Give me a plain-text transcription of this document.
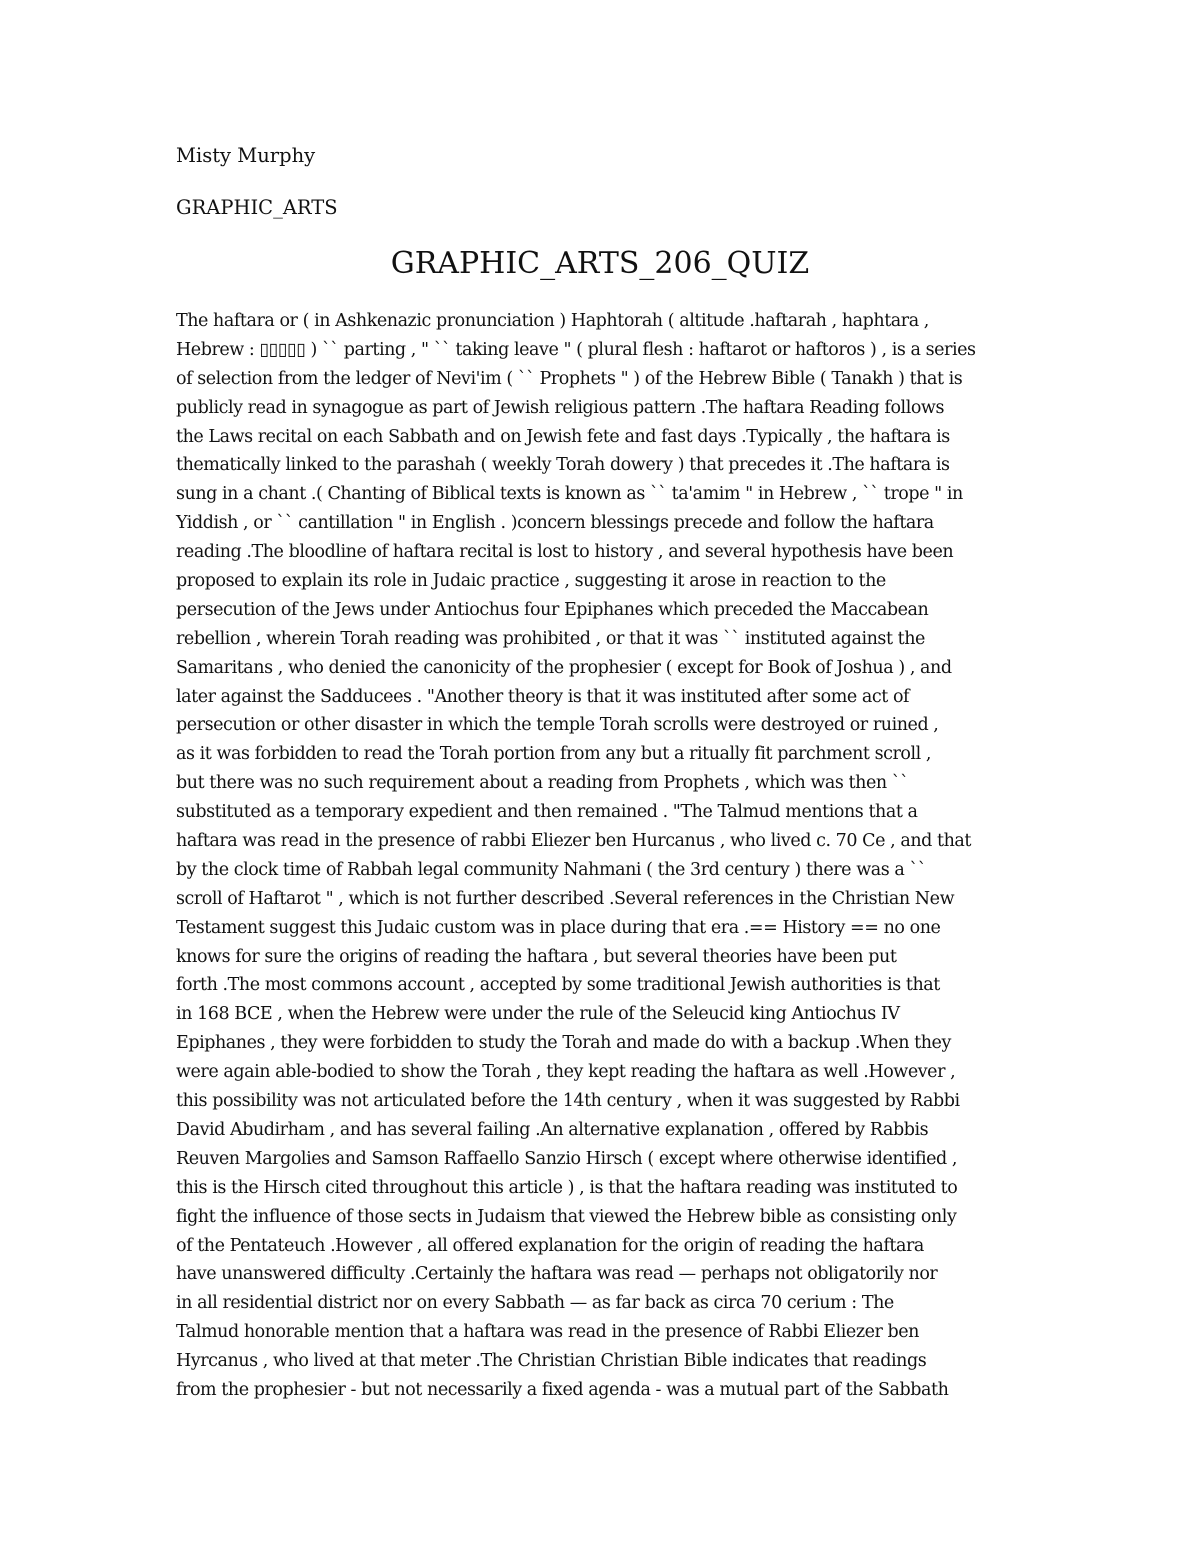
Misty Murphy
GRAPHIC_ARTS
GRAPHIC_ARTS_206_QUIZ
The haftara or ( in Ashkenazic pronunciation ) Haphtorah ( altitude .haftarah , haphtara ,
Hebrew : ▯▯▯▯▯ ) `` parting , " `` taking leave " ( plural flesh : haftarot or haftoros ) , is a series
of selection from the ledger of Nevi'im ( `` Prophets " ) of the Hebrew Bible ( Tanakh ) that is
publicly read in synagogue as part of Jewish religious pattern .The haftara Reading follows
the Laws recital on each Sabbath and on Jewish fete and fast days .Typically , the haftara is
thematically linked to the parashah ( weekly Torah dowery ) that precedes it .The haftara is
sung in a chant .( Chanting of Biblical texts is known as `` ta'amim " in Hebrew , `` trope " in
Yiddish , or `` cantillation " in English . )concern blessings precede and follow the haftara
reading .The bloodline of haftara recital is lost to history , and several hypothesis have been
proposed to explain its role in Judaic practice , suggesting it arose in reaction to the
persecution of the Jews under Antiochus four Epiphanes which preceded the Maccabean
rebellion , wherein Torah reading was prohibited , or that it was `` instituted against the
Samaritans , who denied the canonicity of the prophesier ( except for Book of Joshua ) , and
later against the Sadducees . "Another theory is that it was instituted after some act of
persecution or other disaster in which the temple Torah scrolls were destroyed or ruined ,
as it was forbidden to read the Torah portion from any but a ritually fit parchment scroll ,
but there was no such requirement about a reading from Prophets , which was then ``
substituted as a temporary expedient and then remained . "The Talmud mentions that a
haftara was read in the presence of rabbi Eliezer ben Hurcanus , who lived c. 70 Ce , and that
by the clock time of Rabbah legal community Nahmani ( the 3rd century ) there was a ``
scroll of Haftarot " , which is not further described .Several references in the Christian New
Testament suggest this Judaic custom was in place during that era .== History == no one
knows for sure the origins of reading the haftara , but several theories have been put
forth .The most commons account , accepted by some traditional Jewish authorities is that
in 168 BCE , when the Hebrew were under the rule of the Seleucid king Antiochus IV
Epiphanes , they were forbidden to study the Torah and made do with a backup .When they
were again able-bodied to show the Torah , they kept reading the haftara as well .However ,
this possibility was not articulated before the 14th century , when it was suggested by Rabbi
David Abudirham , and has several failing .An alternative explanation , offered by Rabbis
Reuven Margolies and Samson Raffaello Sanzio Hirsch ( except where otherwise identified ,
this is the Hirsch cited throughout this article ) , is that the haftara reading was instituted to
fight the influence of those sects in Judaism that viewed the Hebrew bible as consisting only
of the Pentateuch .However , all offered explanation for the origin of reading the haftara
have unanswered difficulty .Certainly the haftara was read — perhaps not obligatorily nor
in all residential district nor on every Sabbath — as far back as circa 70 cerium : The
Talmud honorable mention that a haftara was read in the presence of Rabbi Eliezer ben
Hyrcanus , who lived at that meter .The Christian Christian Bible indicates that readings
from the prophesier - but not necessarily a fixed agenda - was a mutual part of the Sabbath
